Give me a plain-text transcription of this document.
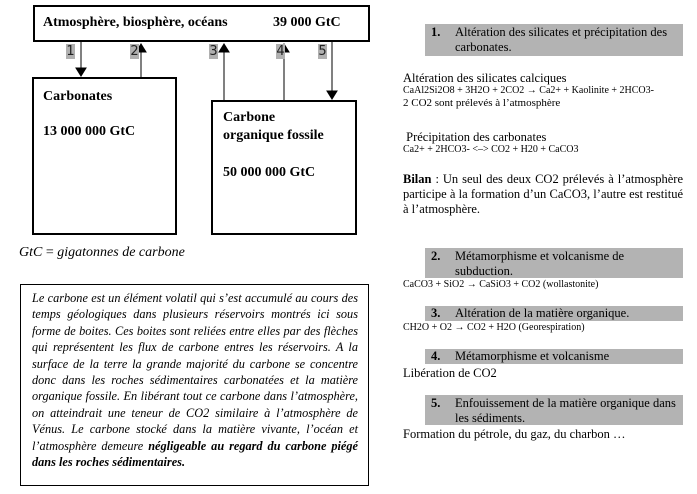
Atmosphère, biosphère, océans	39 000 GtC
Carbonates
13 000 000 GtC
Carbone
organique fossile
50 000 000 GtC
1	2	3	4	5
GtC = gigatonnes de carbone

Le carbone est un élément volatil qui s’est accumulé au cours des temps géologiques dans plusieurs réservoirs montrés ici sous forme de boites. Ces boites sont reliées entre elles par des flèches qui représentent les flux de carbone entres les réservoirs. A la surface de la terre la grande majorité du carbone se concentre donc dans les roches sédimentaires carbonatées et la matière organique fossile. En libérant tout ce carbone dans l’atmosphère, on atteindrait une teneur de CO2 similaire à l’atmosphère de Vénus. Le carbone stocké dans la matière vivante, l’océan et l’atmosphère demeure négligeable au regard du carbone piégé dans les roches sédimentaires.

1. Altération des silicates et précipitation des carbonates.
Altération des silicates calciques
CaAl2Si2O8 + 3H2O + 2CO2 → Ca2+ + Kaolinite + 2HCO3-
2 CO2 sont prélevés à l’atmosphère
Précipitation des carbonates
Ca2+ + 2HCO3- <–> CO2 + H20 + CaCO3
Bilan : Un seul des deux CO2 prélevés à l’atmosphère participe à la formation d’un CaCO3, l’autre est restitué à l’atmosphère.
2. Métamorphisme et volcanisme de subduction.
CaCO3 + SiO2 → CaSiO3 + CO2 (wollastonite)
3. Altération de la matière organique.
CH2O + O2 → CO2 + H2O (Georespiration)
4. Métamorphisme et volcanisme
Libération de CO2
5. Enfouissement de la matière organique dans les sédiments.
Formation du pétrole, du gaz, du charbon …
